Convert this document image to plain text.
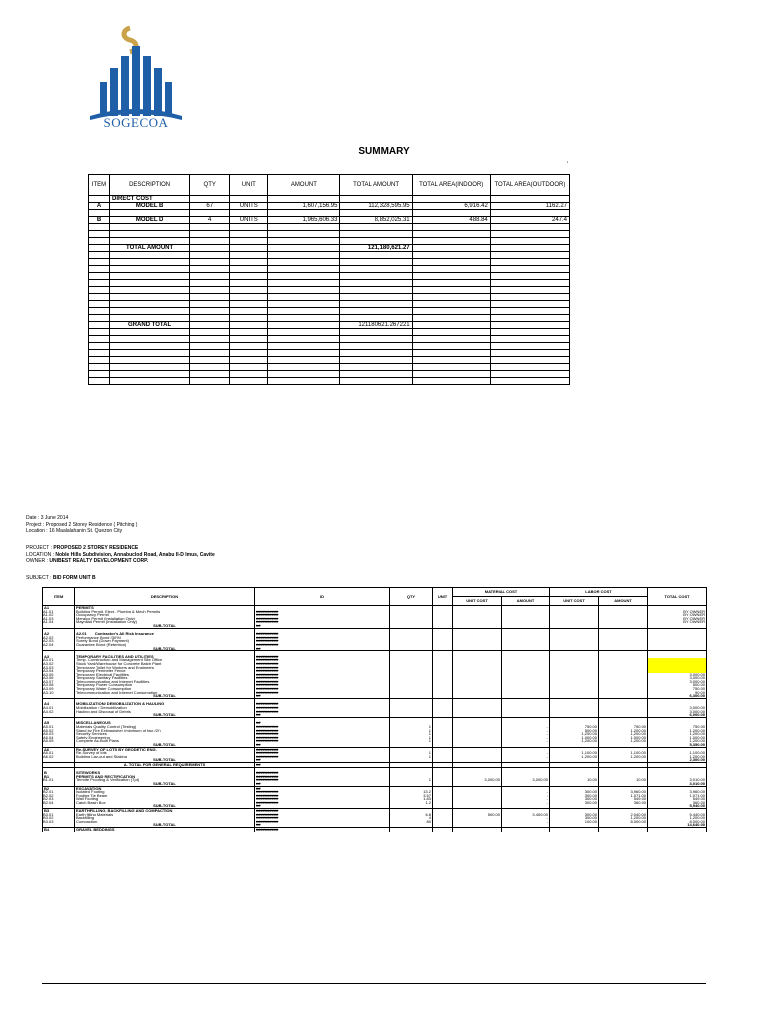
SOGECOA
SUMMARY
'
ITEM	DESCRIPTION	QTY	UNIT	AMOUNT	TOTAL AMOUNT	TOTAL AREA(INDOOR)	TOTAL AREA(OUTDOOR)
	DIRECT COST						
A	MODEL B	67	UNITS	1,607,156.95	112,328,595.95	6,916.42	1162.27

B	MODEL D	4	UNITS	1,965,606.33	8,852,025.31	488.84	247.4

	TOTAL AMOUNT				121,180,621.27		

	GRAND TOTAL				121180621.267221		

Date : 3 June 2014
Project : Proposed 2 Storey Residence ( Pitching )
Location : 16 Maalalahanin St. Quezon City
PROJECT : PROPOSED 2 STOREY RESIDENCE
LOCATION : Noble Hills Subdivision, Annabuclod Road, Anabu II-D Imus, Cavite
OWNER : UNIBEST REALTY DEVELOPMENT CORP.
SUBJECT : BID FORM UNIT B
ITEM	DESCRIPTION	ID	QTY	UNIT	MATERIAL COST		LABOR COST		TOTAL COST
					UNIT COST	AMOUNT	UNIT COST	AMOUNT	
A1	PERMITS								
A1.01	Building Permit, Elect., Plumbg & Mech Permits	##########							BY OWNER
A1.02	Occupancy Permit	##########							BY OWNER
A1.03	Meralco Permit (Installation Only)	##########							BY OWNER
A1.04	Maynilad Permit (Installation Only)	##########							BY OWNER
	SUB-TOTAL	##							

A2	A2.01 Contractor's All Risk Insurance	##########							
A2.02	Performance Bond (30%)	##########							
A2.03	Surety Bond (Down Payment)	##########							
A2.04	Guarantee Bond (Retention)	##########							
	SUB-TOTAL	##							

A3	TEMPORARY FACILITIES AND UTILITIES	##########							
A3.01	Temp. Construction and Management Site Office	##########							
A3.02	Stock Yard/Warehouse for Concrete Batch Plant	##########							
A3.03	Temporary Toilet for Workers and Engineers	##########							
A3.04	Temporary Perimeter Fence	##########							
A3.05	Temporary Electrical Facilities	##########							3,000.00
A3.06	Temporary Sanitary Facilities	##########							3,000.00
A3.07	Telecommunication and Internet Facilities	##########							3,000.00
A3.08	Temporary Power Consumption	##########							500.00
A3.09	Temporary Water Consumption	##########							750.00
A3.10	Telecommunication and Internet Consumption	##########							90.00
	SUB-TOTAL	##							6,300.00

A4	MOBILIZATION/ DEMOBILIZATION & HAULING	##########							
A4.01	Mobilization / Demobilization	##########							3,000.00
A4.02	Hauling and Disposal of Debris	##########							3,000.00
	SUB-TOTAL	##							6,000.00

A5	MISCELLANEOUS	##							
A5.01	Materials Quality Control (Testing)	##########	1			-	750.00	750.00	750.00
A5.02	Stand by Fire Extinguisher (minimum of two (2))	##########	1			-	500.00	1,200.00	1,200.00
A5.03	Security Services	##########	1			-	1,200.00	1,200.00	1,200.00
A5.04	Safety Engineering	##########	1			-	1,000.00	1,000.00	1,000.00
A5.05	Complete As-Built Plans	##########	1			-	1,200.00	1,200.00	1,200.00
	SUB-TOTAL	##							5,350.00
A6	Re-SURVEY OF LOTS BY GEODETIC ENG.	##########							
A6.01	Re-Survey of lots	##########	1			-	1,100.00	1,100.00	1,100.00
A6.02	Building Lay-out and Staking	##########	1			-	1,200.00	1,200.00	1,200.00
	SUB-TOTAL	##							2,300.00
	A. TOTAL FOR GENERAL REQUIREMENTS	##							

B	SITEWORKS	##########							
B1	PERMITS AND RECTIFICATION	##########							
B1.01	Termite Proofing & Verification (Tpt)	##########	1		3,000.00	3,000.00	10.00	10.00	3,010.00
	SUB-TOTAL	##							3,010.00
B2	EXCAVATION	##							
B2.01	Isolated Footing	##########	13.2			-	300.00	3,960.00	3,960.00
B2.02	Footing Tie Beam	##########	3.57			-	300.00	1,071.00	1,071.00
B2.03	Wall Footing	##########	1.83			-	300.00	549.00	549.00
B2.04	Catch Basin Box	##########	1.2			-	300.00	360.00	360.00
	SUB-TOTAL	##							5,940.00
B3	EARTHFILLING, BACKFILLING AND COMPACTION	##########							
B3.01	Earth filling Materials	##########	6.8		500.00	3,400.00	300.00	2,040.00	5,440.00
B3.02	Backfilling	##########	4			-	300.00	1,200.00	1,200.00
B3.03	Compaction	##########	80			-	100.00	8,000.00	8,000.00
	SUB-TOTAL	##							14,640.00
B4	GRAVEL BEDDINGS	##########							
